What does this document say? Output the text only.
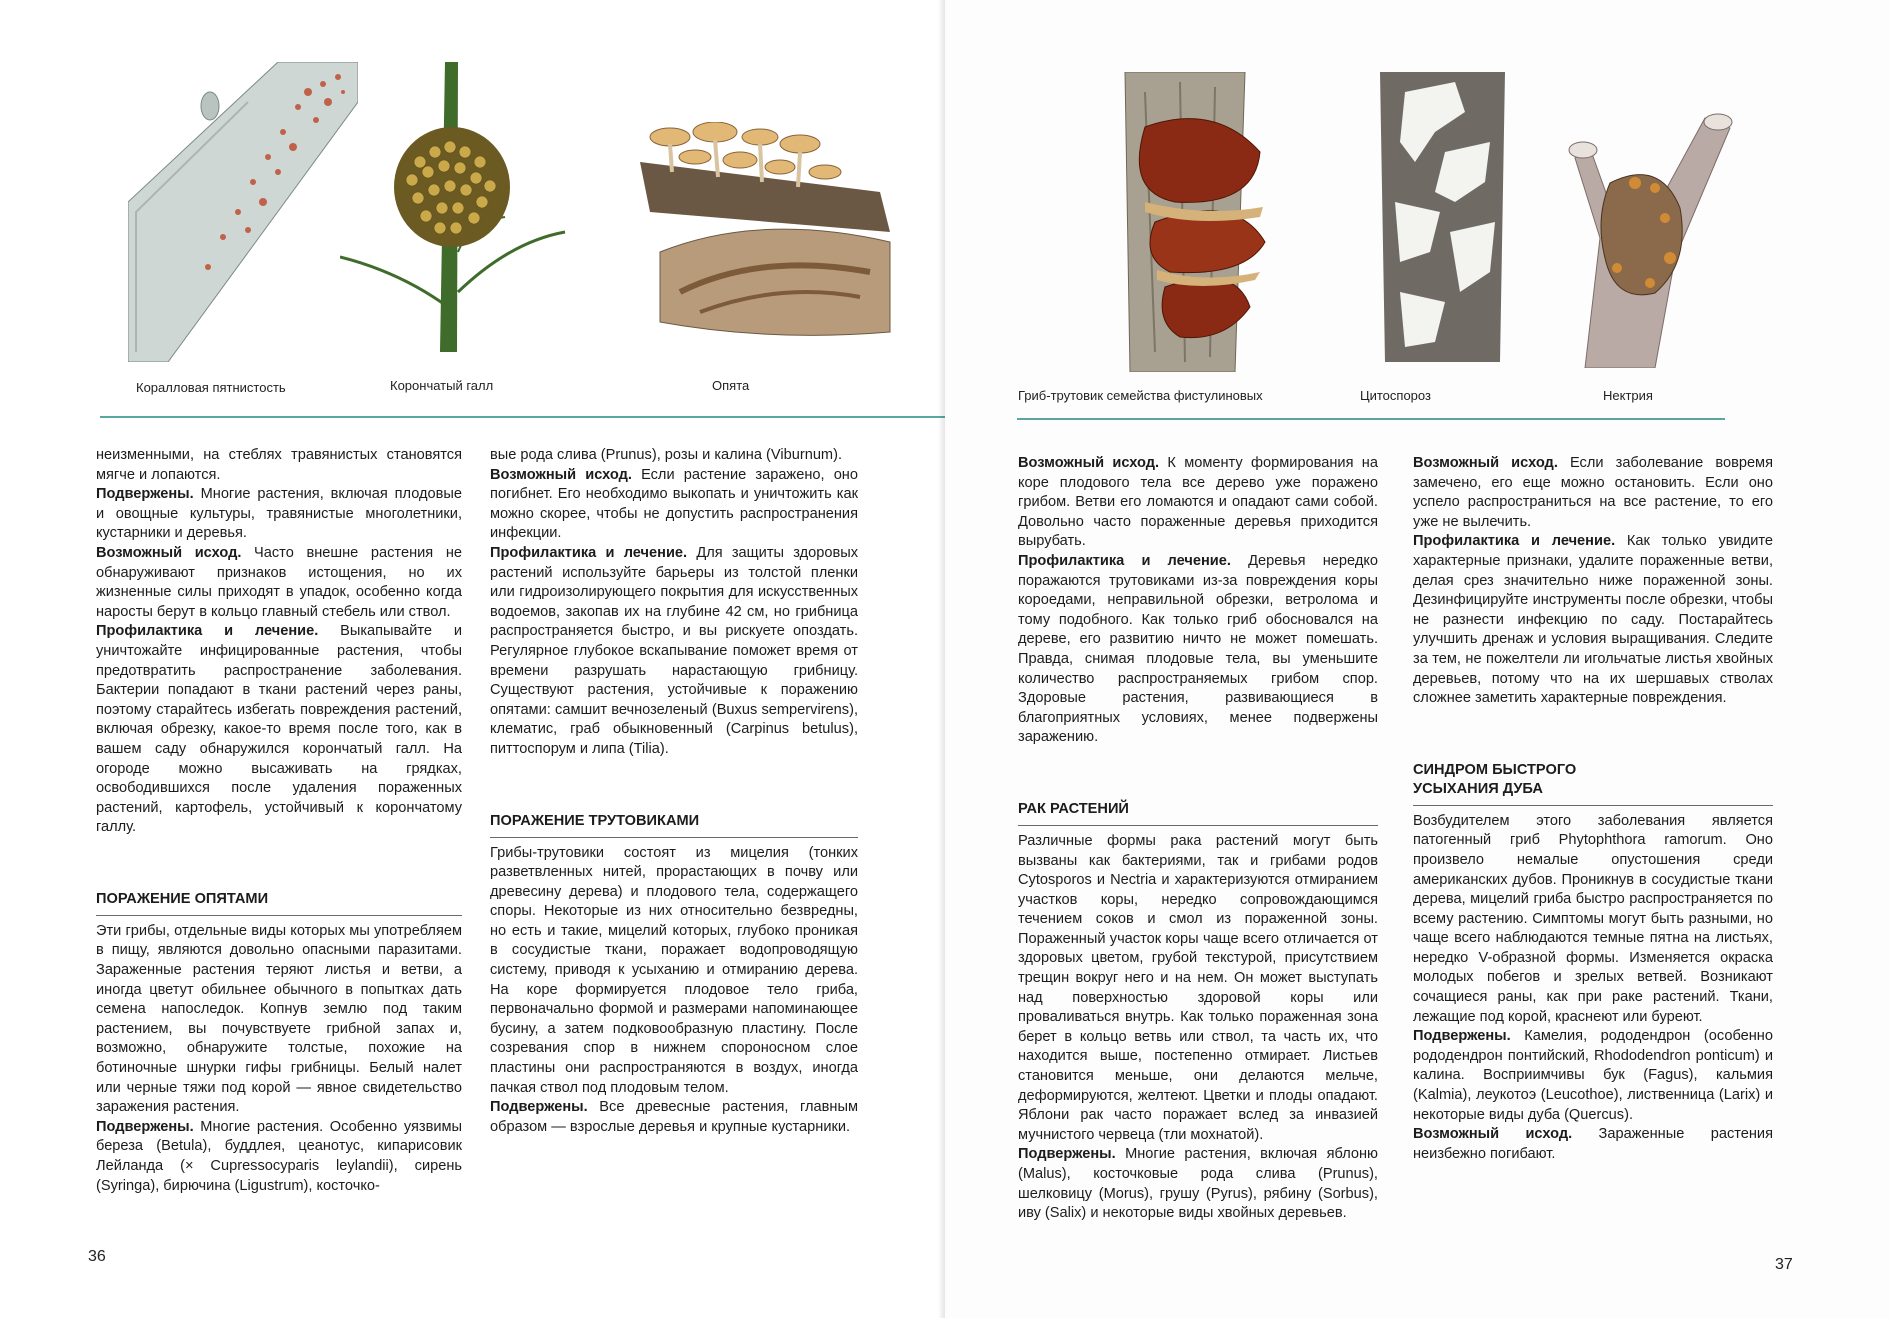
Коралловая пятнистость	Корончатый галл	Опята

неизменными, на стеблях травянистых становятся мягче и лопаются.

Подвержены. Многие растения, включая плодовые и овощные культуры, травянистые многолетники, кустарники и деревья.

Возможный исход. Часто внешне растения не обнаруживают признаков истощения, но их жизненные силы приходят в упадок, особенно когда наросты берут в кольцо главный стебель или ствол.

Профилактика и лечение. Выкапывайте и уничтожайте инфицированные растения, чтобы предотвратить распространение заболевания. Бактерии попадают в ткани растений через раны, поэтому старайтесь избегать повреждения растений, включая обрезку, какое-то время после того, как в вашем саду обнаружился корончатый галл. На огороде можно высаживать на грядках, освободившихся после удаления пораженных растений, картофель, устойчивый к корончатому галлу.

ПОРАЖЕНИЕ ОПЯТАМИ

Эти грибы, отдельные виды которых мы употребляем в пищу, являются довольно опасными паразитами. Зараженные растения теряют листья и ветви, а иногда цветут обильнее обычного в попытках дать семена напоследок. Копнув землю под таким растением, вы почувствуете грибной запах и, возможно, обнаружите толстые, похожие на ботиночные шнурки гифы грибницы. Белый налет или черные тяжи под корой — явное свидетельство заражения растения.

Подвержены. Многие растения. Особенно уязвимы береза (Betula), буддлея, цеанотус, кипарисовик Лейланда (× Cupressocyparis leylandii), сирень (Syringa), бирючина (Ligustrum), косточко-

вые рода слива (Prunus), розы и калина (Viburnum).

Возможный исход. Если растение заражено, оно погибнет. Его необходимо выкопать и уничтожить как можно скорее, чтобы не допустить распространения инфекции.

Профилактика и лечение. Для защиты здоровых растений используйте барьеры из толстой пленки или гидроизолирующего покрытия для искусственных водоемов, закопав их на глубине 42 см, но грибница распространяется быстро, и вы рискуете опоздать. Регулярное глубокое вскапывание поможет время от времени разрушать нарастающую грибницу. Существуют растения, устойчивые к поражению опятами: самшит вечнозеленый (Buxus sempervirens), клематис, граб обыкновенный (Carpinus betulus), питтоспорум и липа (Tilia).

ПОРАЖЕНИЕ ТРУТОВИКАМИ

Грибы-трутовики состоят из мицелия (тонких разветвленных нитей, прорастающих в почву или древесину дерева) и плодового тела, содержащего споры. Некоторые из них относительно безвредны, но есть и такие, мицелий которых, глубоко проникая в сосудистые ткани, поражает водопроводящую систему, приводя к усыханию и отмиранию дерева. На коре формируется плодовое тело гриба, первоначально формой и размерами напоминающее бусину, а затем подковообразную пластину. После созревания спор в нижнем спороносном слое пластины они распространяются в воздух, иногда пачкая ствол под плодовым телом.

Подвержены. Все древесные растения, главным образом — взрослые деревья и крупные кустарники.

36
Гриб-трутовик семейства фистулиновых	Цитоспороз	Нектрия

Возможный исход. К моменту формирования на коре плодового тела все дерево уже поражено грибом. Ветви его ломаются и опадают сами собой. Довольно часто пораженные деревья приходится вырубать.

Профилактика и лечение. Деревья нередко поражаются трутовиками из-за повреждения коры короедами, неправильной обрезки, ветролома и тому подобного. Как только гриб обосновался на дереве, его развитию ничто не может помешать. Правда, снимая плодовые тела, вы уменьшите количество распространяемых грибом спор. Здоровые растения, развивающиеся в благоприятных условиях, менее подвержены заражению.

РАК РАСТЕНИЙ

Различные формы рака растений могут быть вызваны как бактериями, так и грибами родов Cytosporos и Nectria и характеризуются отмиранием участков коры, нередко сопровождающимся течением соков и смол из пораженной зоны. Пораженный участок коры чаще всего отличается от здоровых цветом, грубой текстурой, присутствием трещин вокруг него и на нем. Он может выступать над поверхностью здоровой коры или проваливаться внутрь. Как только пораженная зона берет в кольцо ветвь или ствол, та часть их, что находится выше, постепенно отмирает. Листьев становится меньше, они делаются мельче, деформируются, желтеют. Цветки и плоды опадают. Яблони рак часто поражает вслед за инвазией мучнистого червеца (тли мохнатой).

Подвержены. Многие растения, включая яблоню (Malus), косточковые рода слива (Prunus), шелковицу (Morus), грушу (Pyrus), рябину (Sorbus), иву (Salix) и некоторые виды хвойных деревьев.

Возможный исход. Если заболевание вовремя замечено, его еще можно остановить. Если оно успело распространиться на все растение, то его уже не вылечить.

Профилактика и лечение. Как только увидите характерные признаки, удалите пораженные ветви, делая срез значительно ниже пораженной зоны. Дезинфицируйте инструменты после обрезки, чтобы не разнести инфекцию по саду. Постарайтесь улучшить дренаж и условия выращивания. Следите за тем, не пожелтели ли игольчатые листья хвойных деревьев, потому что на их шершавых стволах сложнее заметить характерные повреждения.

СИНДРОМ БЫСТРОГО
УСЫХАНИЯ ДУБА

Возбудителем этого заболевания является патогенный гриб Phytophthora ramorum. Оно произвело немалые опустошения среди американских дубов. Проникнув в сосудистые ткани дерева, мицелий гриба быстро распространяется по всему растению. Симптомы могут быть разными, но чаще всего наблюдаются темные пятна на листьях, нередко V-образной формы. Изменяется окраска молодых побегов и зрелых ветвей. Возникают сочащиеся раны, как при раке растений. Ткани, лежащие под корой, краснеют или буреют.

Подвержены. Камелия, рододендрон (особенно рододендрон понтийский, Rhododendron ponticum) и калина. Восприимчивы бук (Fagus), кальмия (Kalmia), леукотоэ (Leucothoe), лиственница (Larix) и некоторые виды дуба (Quercus).

Возможный исход. Зараженные растения неизбежно погибают.

37
